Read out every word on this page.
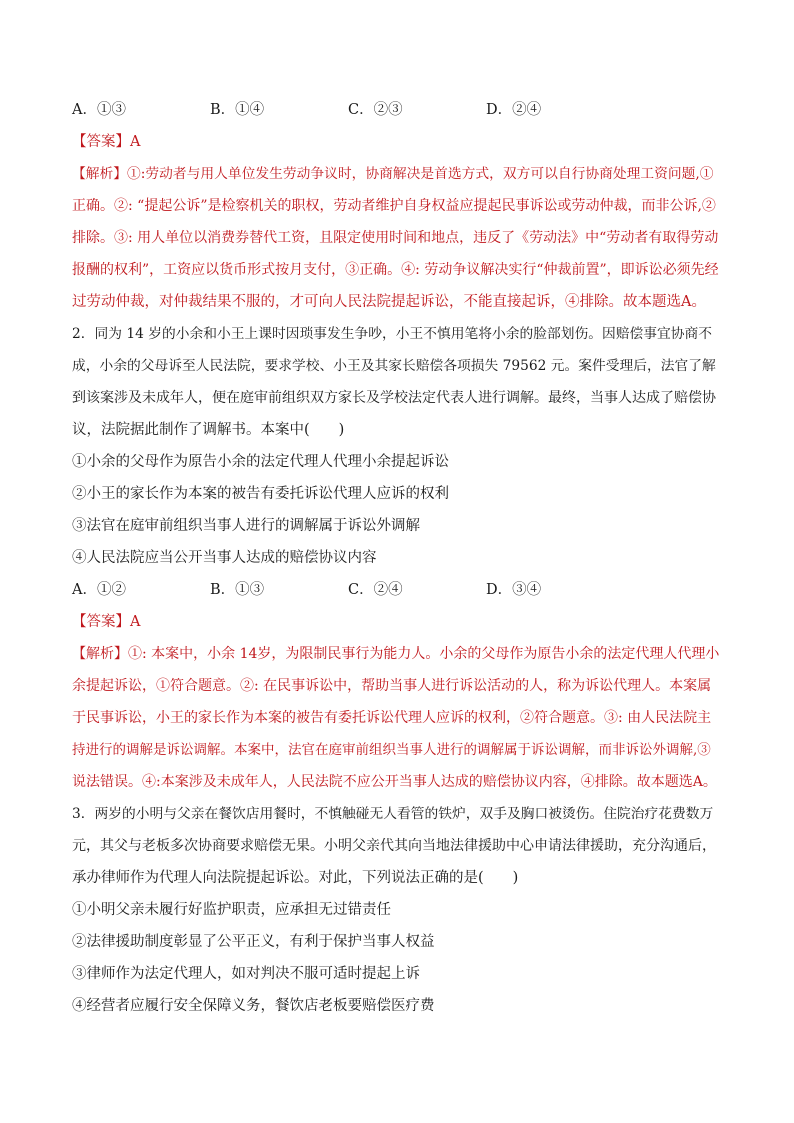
A．①③	B．①④	C．②③	D．②④
【答案】A
【解析】①:劳动者与用人单位发生劳动争议时，协商解决是首选方式，双方可以自行协商处理工资问题,①
正确。②: “提起公诉”是检察机关的职权，劳动者维护自身权益应提起民事诉讼或劳动仲裁，而非公诉,②
排除。③: 用人单位以消费券替代工资，且限定使用时间和地点，违反了《劳动法》中“劳动者有取得劳动
报酬的权利”，工资应以货币形式按月支付，③正确。④: 劳动争议解决实行“仲裁前置”，即诉讼必须先经
过劳动仲裁，对仲裁结果不服的，才可向人民法院提起诉讼，不能直接起诉，④排除。故本题选A。
2．同为 14 岁的小余和小王上课时因琐事发生争吵，小王不慎用笔将小余的脸部划伤。因赔偿事宜协商不
成，小余的父母诉至人民法院，要求学校、小王及其家长赔偿各项损失 79562 元。案件受理后，法官了解
到该案涉及未成年人，便在庭审前组织双方家长及学校法定代表人进行调解。最终，当事人达成了赔偿协
议，法院据此制作了调解书。本案中(　　)
①小余的父母作为原告小余的法定代理人代理小余提起诉讼
②小王的家长作为本案的被告有委托诉讼代理人应诉的权利
③法官在庭审前组织当事人进行的调解属于诉讼外调解
④人民法院应当公开当事人达成的赔偿协议内容
A．①②	B．①③	C．②④	D．③④
【答案】A
【解析】①: 本案中，小余 14岁，为限制民事行为能力人。小余的父母作为原告小余的法定代理人代理小
余提起诉讼，①符合题意。②: 在民事诉讼中，帮助当事人进行诉讼活动的人，称为诉讼代理人。本案属
于民事诉讼，小王的家长作为本案的被告有委托诉讼代理人应诉的权利，②符合题意。③: 由人民法院主
持进行的调解是诉讼调解。本案中，法官在庭审前组织当事人进行的调解属于诉讼调解，而非诉讼外调解,③
说法错误。④:本案涉及未成年人，人民法院不应公开当事人达成的赔偿协议内容，④排除。故本题选A。
3．两岁的小明与父亲在餐饮店用餐时，不慎触碰无人看管的铁炉，双手及胸口被烫伤。住院治疗花费数万
元，其父与老板多次协商要求赔偿无果。小明父亲代其向当地法律援助中心申请法律援助，充分沟通后，
承办律师作为代理人向法院提起诉讼。对此，下列说法正确的是(　　)
①小明父亲未履行好监护职责，应承担无过错责任
②法律援助制度彰显了公平正义，有利于保护当事人权益
③律师作为法定代理人，如对判决不服可适时提起上诉
④经营者应履行安全保障义务，餐饮店老板要赔偿医疗费
